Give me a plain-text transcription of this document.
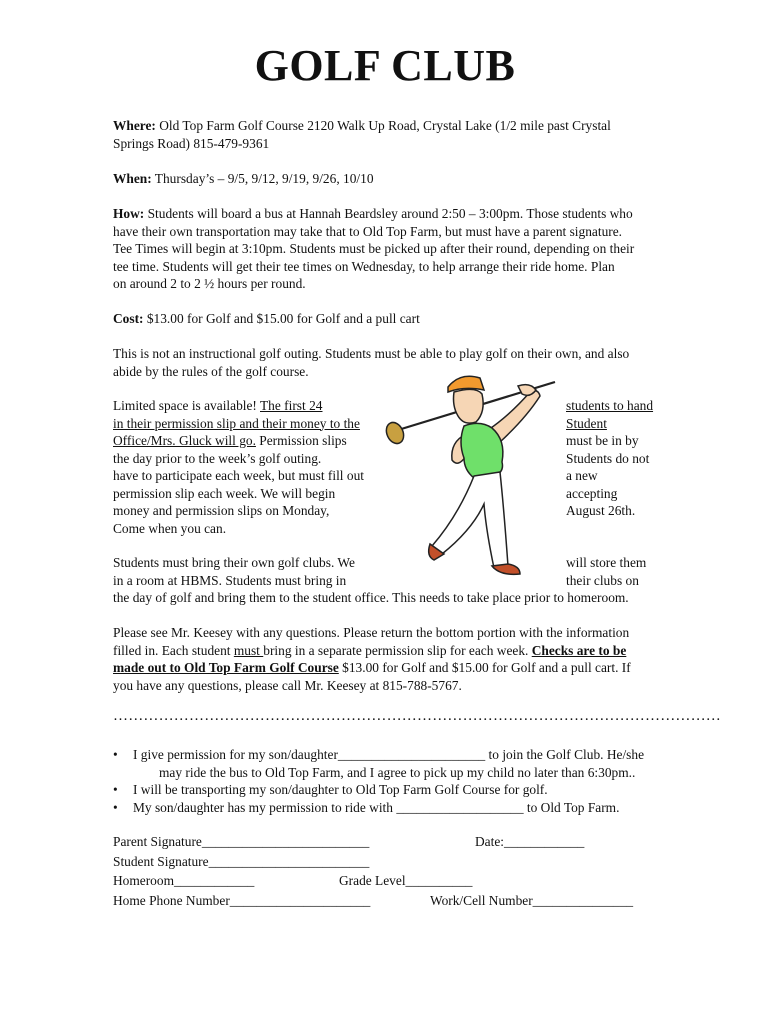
GOLF CLUB
Where: Old Top Farm Golf Course 2120 Walk Up Road, Crystal Lake (1/2 mile past Crystal
Springs Road) 815-479-9361
When: Thursday’s – 9/5, 9/12, 9/19, 9/26, 10/10
How: Students will board a bus at Hannah Beardsley around 2:50 – 3:00pm. Those students who
have their own transportation may take that to Old Top Farm, but must have a parent signature.
Tee Times will begin at 3:10pm. Students must be picked up after their round, depending on their
tee time. Students will get their tee times on Wednesday, to help arrange their ride home. Plan
on around 2 to 2 ½ hours per round.
Cost: $13.00 for Golf and $15.00 for Golf and a pull cart
This is not an instructional golf outing. Students must be able to play golf on their own, and also
abide by the rules of the golf course.
Limited space is available! The first 24
in their permission slip and their money to the
Office/Mrs. Gluck will go. Permission slips
the day prior to the week’s golf outing.
have to participate each week, but must fill out
permission slip each week. We will begin
money and permission slips on Monday,
Come when you can.
students to hand
Student
must be in by
Students do not
a new
accepting
August 26th.
Students must bring their own golf clubs. We	will store them
in a room at HBMS. Students must bring in	their clubs on
the day of golf and bring them to the student office. This needs to take place prior to homeroom.
Please see Mr. Keesey with any questions. Please return the bottom portion with the information
filled in. Each student must bring in a separate permission slip for each week. Checks are to be
made out to Old Top Farm Golf Course $13.00 for Golf and $15.00 for Golf and a pull cart. If
you have any questions, please call Mr. Keesey at 815-788-5767.
…………………………………………………………………………………………………………
• I give permission for my son/daughter______________________ to join the Golf Club. He/she
may ride the bus to Old Top Farm, and I agree to pick up my child no later than 6:30pm..
• I will be transporting my son/daughter to Old Top Farm Golf Course for golf.
• My son/daughter has my permission to ride with ___________________ to Old Top Farm.
Parent Signature_________________________	Date:____________
Student Signature________________________
Homeroom____________	Grade Level__________
Home Phone Number_____________________	Work/Cell Number_______________
